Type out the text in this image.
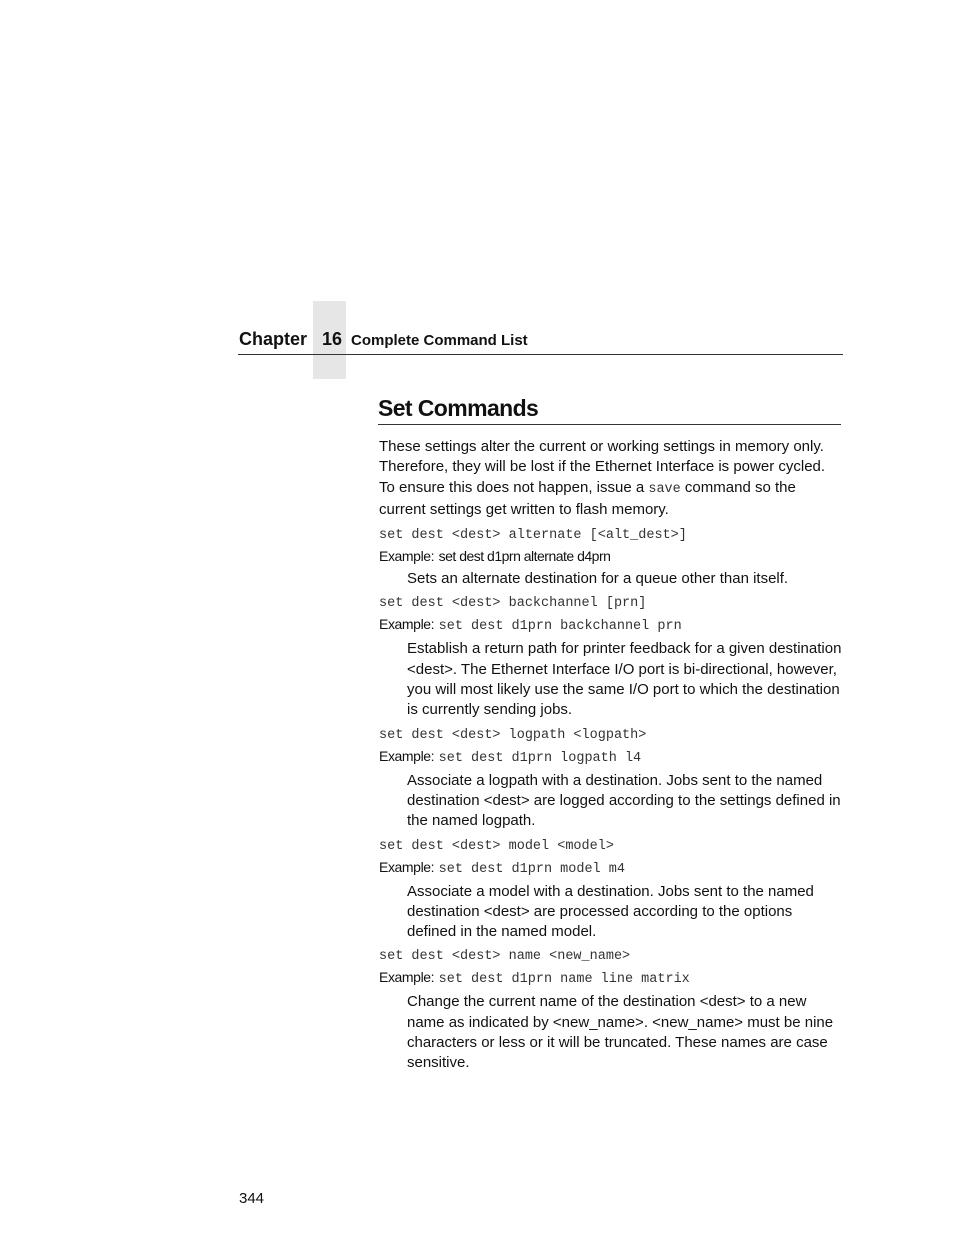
Chapter 16 Complete Command List
Set Commands

These settings alter the current or working settings in memory only. Therefore, they will be lost if the Ethernet Interface is power cycled. To ensure this does not happen, issue a save command so the current settings get written to flash memory.

set dest <dest> alternate [<alt_dest>]
Example: set dest d1prn alternate d4prn

Sets an alternate destination for a queue other than itself.

set dest <dest> backchannel [prn]
Example: set dest d1prn backchannel prn

Establish a return path for printer feedback for a given destination <dest>. The Ethernet Interface I/O port is bi-directional, however, you will most likely use the same I/O port to which the destination is currently sending jobs.

set dest <dest> logpath <logpath>
Example: set dest d1prn logpath l4

Associate a logpath with a destination. Jobs sent to the named destination <dest> are logged according to the settings defined in the named logpath.

set dest <dest> model <model>
Example: set dest d1prn model m4

Associate a model with a destination. Jobs sent to the named destination <dest> are processed according to the options defined in the named model.

set dest <dest> name <new_name>
Example: set dest d1prn name line matrix

Change the current name of the destination <dest> to a new name as indicated by <new_name>. <new_name> must be nine characters or less or it will be truncated. These names are case sensitive.

344
